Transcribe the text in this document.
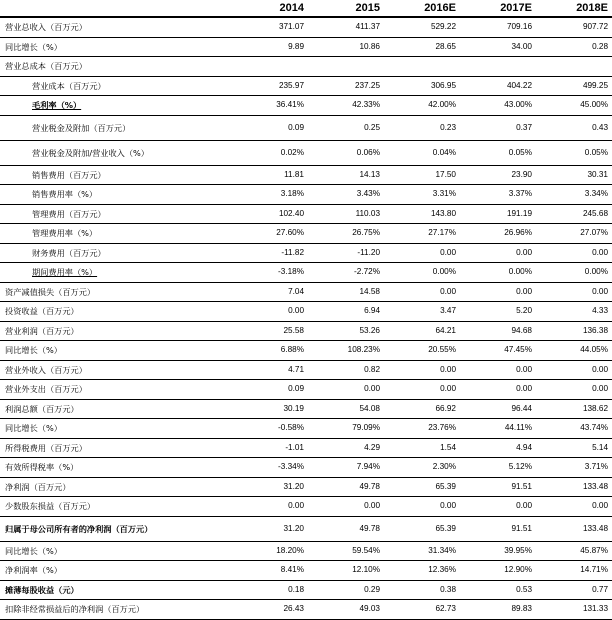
	2014	2015	2016E	2017E	2018E
营业总收入（百万元）	371.07	411.37	529.22	709.16	907.72
同比增长（%）	9.89	10.86	28.65	34.00	0.28
营业总成本（百万元）					
营业成本（百万元）	235.97	237.25	306.95	404.22	499.25
毛利率（%）	36.41%	42.33%	42.00%	43.00%	45.00%
营业税金及附加（百万元）	0.09	0.25	0.23	0.37	0.43
营业税金及附加/营业收入（%）	0.02%	0.06%	0.04%	0.05%	0.05%
销售费用（百万元）	11.81	14.13	17.50	23.90	30.31
销售费用率（%）	3.18%	3.43%	3.31%	3.37%	3.34%
管理费用（百万元）	102.40	110.03	143.80	191.19	245.68
管理费用率（%）	27.60%	26.75%	27.17%	26.96%	27.07%
财务费用（百万元）	-11.82	-11.20	0.00	0.00	0.00
期间费用率（%）	-3.18%	-2.72%	0.00%	0.00%	0.00%
资产减值损失（百万元）	7.04	14.58	0.00	0.00	0.00
投资收益（百万元）	0.00	6.94	3.47	5.20	4.33
营业利润（百万元）	25.58	53.26	64.21	94.68	136.38
同比增长（%）	6.88%	108.23%	20.55%	47.45%	44.05%
营业外收入（百万元）	4.71	0.82	0.00	0.00	0.00
营业外支出（百万元）	0.09	0.00	0.00	0.00	0.00
利润总额（百万元）	30.19	54.08	66.92	96.44	138.62
同比增长（%）	-0.58%	79.09%	23.76%	44.11%	43.74%
所得税费用（百万元）	-1.01	4.29	1.54	4.94	5.14
有效所得税率（%）	-3.34%	7.94%	2.30%	5.12%	3.71%
净利润（百万元）	31.20	49.78	65.39	91.51	133.48
少数股东损益（百万元）	0.00	0.00	0.00	0.00	0.00
归属于母公司所有者的净利润（百万元）	31.20	49.78	65.39	91.51	133.48
同比增长（%）	18.20%	59.54%	31.34%	39.95%	45.87%
净利润率（%）	8.41%	12.10%	12.36%	12.90%	14.71%
摊薄每股收益（元）	0.18	0.29	0.38	0.53	0.77
扣除非经常损益后的净利润（百万元）	26.43	49.03	62.73	89.83	131.33
